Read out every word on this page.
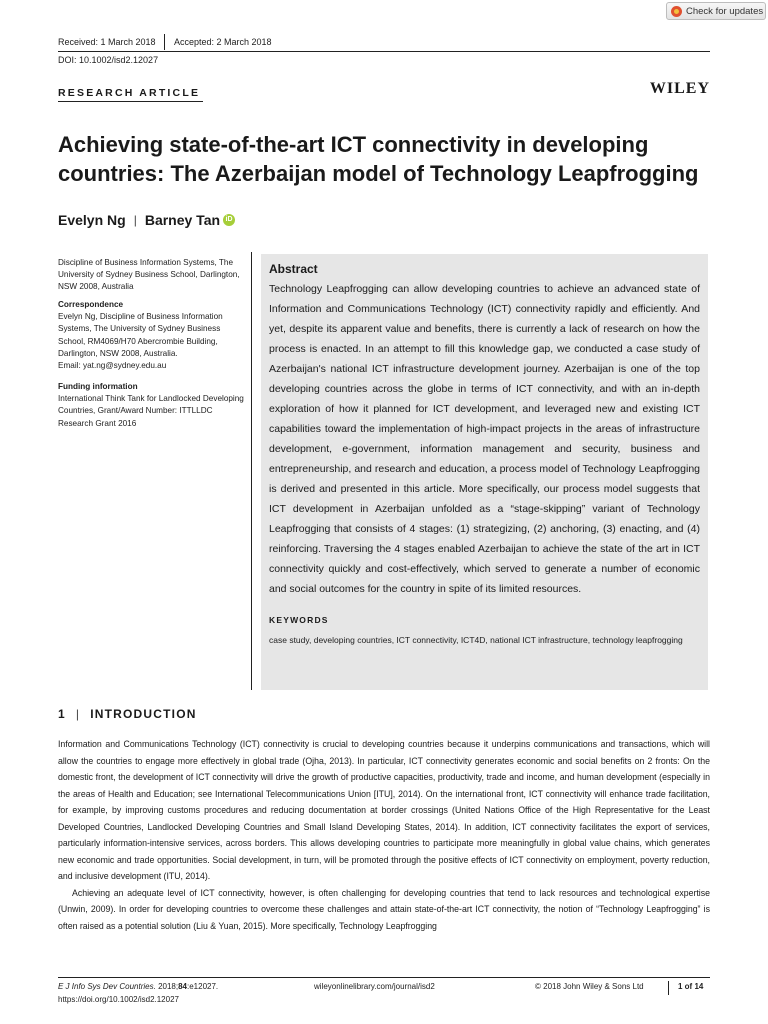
Check for updates
Received: 1 March 2018 Accepted: 2 March 2018
DOI: 10.1002/isd2.12027
RESEARCH ARTICLE	WILEY
Achieving state-of-the-art ICT connectivity in developing countries: The Azerbaijan model of Technology Leapfrogging
Evelyn Ng | Barney Tan iD
Discipline of Business Information Systems, The University of Sydney Business School, Darlington, NSW 2008, Australia
Correspondence
Evelyn Ng, Discipline of Business Information Systems, The University of Sydney Business School, RM4069/H70 Abercrombie Building, Darlington, NSW 2008, Australia.
Email: yat.ng@sydney.edu.au
Funding information
International Think Tank for Landlocked Developing Countries, Grant/Award Number: ITTLLDC Research Grant 2016
Abstract

Technology Leapfrogging can allow developing countries to achieve an advanced state of Information and Communications Technology (ICT) connectivity rapidly and efficiently. And yet, despite its apparent value and benefits, there is currently a lack of research on how the process is enacted. In an attempt to fill this knowledge gap, we conducted a case study of Azerbaijan's national ICT infrastructure development journey. Azerbaijan is one of the top developing countries across the globe in terms of ICT connectivity, and with an in-depth exploration of how it planned for ICT development, and leveraged new and existing ICT capabilities toward the implementation of high-impact projects in the areas of infrastructure development, e-government, information management and security, business and entrepreneurship, and research and education, a process model of Technology Leapfrogging is derived and presented in this article. More specifically, our process model suggests that ICT development in Azerbaijan unfolded as a “stage-skipping” variant of Technology Leapfrogging that consists of 4 stages: (1) strategizing, (2) anchoring, (3) enacting, and (4) reinforcing. Traversing the 4 stages enabled Azerbaijan to achieve the state of the art in ICT connectivity quickly and cost-effectively, which served to generate a number of economic and social outcomes for the country in spite of its limited resources.

KEYWORDS
case study, developing countries, ICT connectivity, ICT4D, national ICT infrastructure, technology leapfrogging
1 | INTRODUCTION

Information and Communications Technology (ICT) connectivity is crucial to developing countries because it underpins communications and transactions, which will allow the countries to engage more effectively in global trade (Ojha, 2013). In particular, ICT connectivity generates economic and social benefits on 2 fronts: On the domestic front, the development of ICT connectivity will drive the growth of productive capacities, productivity, trade and income, and human development (especially in the areas of Health and Education; see International Telecommunications Union [ITU], 2014). On the international front, ICT connectivity will enhance trade facilitation, for example, by improving customs procedures and reducing documentation at border crossings (United Nations Office of the High Representative for the Least Developed Countries, Landlocked Developing Countries and Small Island Developing States, 2014). In addition, ICT connectivity facilitates the export of services, particularly information-intensive services, across borders. This allows developing countries to participate more meaningfully in global value chains, which generates new economic and trade opportunities. Social development, in turn, will be promoted through the positive effects of ICT connectivity on employment, poverty reduction, and inclusive development (ITU, 2014).

Achieving an adequate level of ICT connectivity, however, is often challenging for developing countries that tend to lack resources and technological expertise (Unwin, 2009). In order for developing countries to overcome these challenges and attain state-of-the-art ICT connectivity, the notion of “Technology Leapfrogging” is often raised as a potential solution (Liu & Yuan, 2015). More specifically, Technology Leapfrogging

E J Info Sys Dev Countries. 2018;84:e12027.
https://doi.org/10.1002/isd2.12027
wileyonlinelibrary.com/journal/isd2	© 2018 John Wiley & Sons Ltd	1 of 14
